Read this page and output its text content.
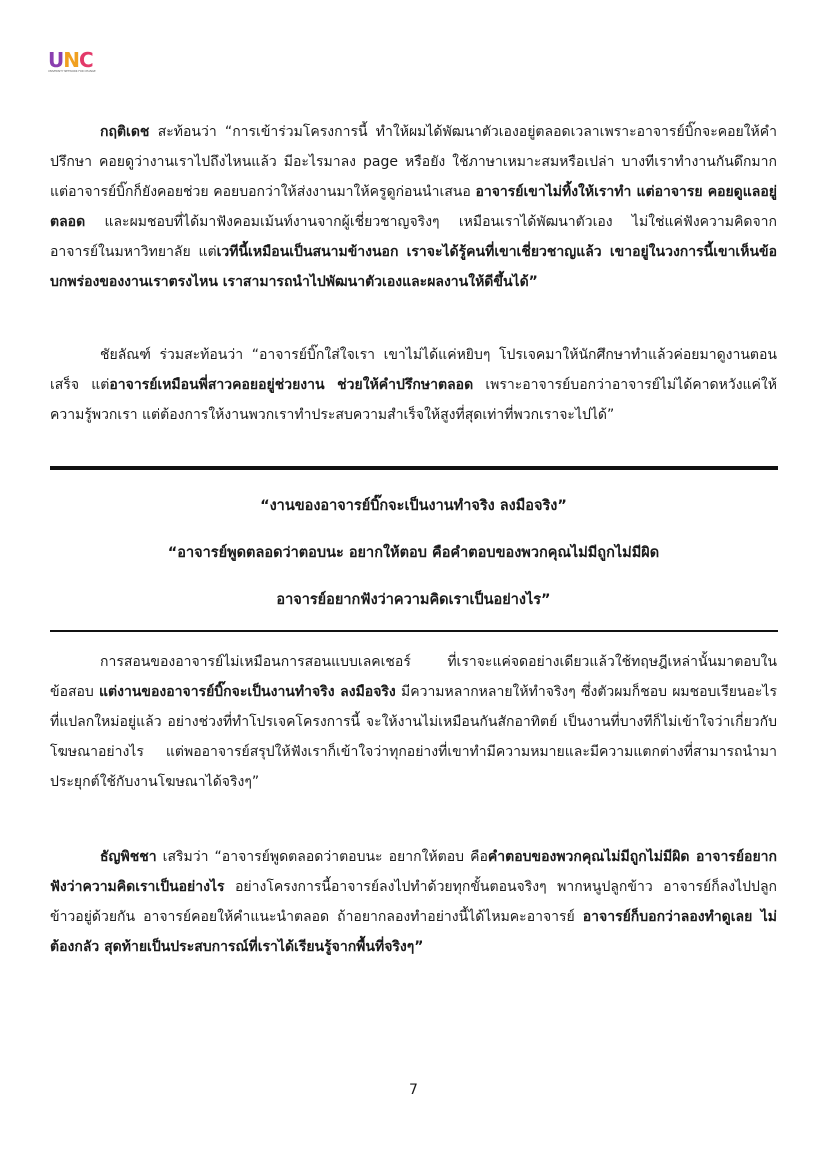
UNC
UNIVERSITY NETWORK FOR CHANGE

กฤติเดช สะท้อนว่า “การเข้าร่วมโครงการนี้ ทำให้ผมได้พัฒนาตัวเองอยู่ตลอดเวลาเพราะอาจารย์บิ๊กจะคอยให้คำปรึกษา คอยดูว่างานเราไปถึงไหนแล้ว มีอะไรมาลง page หรือยัง ใช้ภาษาเหมาะสมหรือเปล่า บางทีเราทำงานกันดึกมากแต่อาจารย์บิ๊กก็ยังคอยช่วย คอยบอกว่าให้ส่งงานมาให้ครูดูก่อนนำเสนอ อาจารย์เขาไม่ทิ้งให้เราทำ แต่อาจารย คอยดูแลอยู่ตลอด และผมชอบที่ได้มาฟังคอมเม้นท์งานจากผู้เชี่ยวชาญจริงๆ เหมือนเราได้พัฒนาตัวเอง ไม่ใช่แค่ฟังความคิดจากอาจารย์ในมหาวิทยาลัย แต่เวทีนี้เหมือนเป็นสนามข้างนอก เราจะได้รู้คนที่เขาเชี่ยวชาญแล้ว เขาอยู่ในวงการนี้เขาเห็นข้อบกพร่องของงานเราตรงไหน เราสามารถนำไปพัฒนาตัวเองและผลงานให้ดีขึ้นได้”

ชัยลัณฑ์ ร่วมสะท้อนว่า “อาจารย์บิ๊กใส่ใจเรา เขาไม่ได้แค่หยิบๆ โปรเจคมาให้นักศึกษาทำแล้วค่อยมาดูงานตอนเสร็จ แต่อาจารย์เหมือนพี่สาวคอยอยู่ช่วยงาน ช่วยให้คำปรึกษาตลอด เพราะอาจารย์บอกว่าอาจารย์ไม่ได้คาดหวังแค่ให้ความรู้พวกเรา แต่ต้องการให้งานพวกเราทำประสบความสำเร็จให้สูงที่สุดเท่าที่พวกเราจะไปได้”

“งานของอาจารย์บิ๊กจะเป็นงานทำจริง ลงมือจริง”

“อาจารย์พูดตลอดว่าตอบนะ อยากให้ตอบ คือคำตอบของพวกคุณไม่มีถูกไม่มีผิด

อาจารย์อยากฟังว่าความคิดเราเป็นอย่างไร”

การสอนของอาจารย์ไม่เหมือนการสอนแบบเลคเชอร์ ที่เราจะแค่จดอย่างเดียวแล้วใช้ทฤษฎีเหล่านั้นมาตอบในข้อสอบ แต่งานของอาจารย์บิ๊กจะเป็นงานทำจริง ลงมือจริง มีความหลากหลายให้ทำจริงๆ ซึ่งตัวผมก็ชอบ ผมชอบเรียนอะไรที่แปลกใหม่อยู่แล้ว อย่างช่วงที่ทำโปรเจคโครงการนี้ จะให้งานไม่เหมือนกันสักอาทิตย์ เป็นงานที่บางทีก็ไม่เข้าใจว่าเกี่ยวกับโฆษณาอย่างไร แต่พออาจารย์สรุปให้ฟังเราก็เข้าใจว่าทุกอย่างที่เขาทำมีความหมายและมีความแตกต่างที่สามารถนำมาประยุกต์ใช้กับงานโฆษณาได้จริงๆ”

ธัญพิชชา เสริมว่า “อาจารย์พูดตลอดว่าตอบนะ อยากให้ตอบ คือคำตอบของพวกคุณไม่มีถูกไม่มีผิด อาจารย์อยากฟังว่าความคิดเราเป็นอย่างไร อย่างโครงการนี้อาจารย์ลงไปทำด้วยทุกขั้นตอนจริงๆ พากหนูปลูกข้าว อาจารย์ก็ลงไปปลูกข้าวอยู่ด้วยกัน อาจารย์คอยให้คำแนะนำตลอด ถ้าอยากลองทำอย่างนี้ได้ไหมคะอาจารย์ อาจารย์ก็บอกว่าลองทำดูเลย ไม่ต้องกลัว สุดท้ายเป็นประสบการณ์ที่เราได้เรียนรู้จากพื้นที่จริงๆ”

7
